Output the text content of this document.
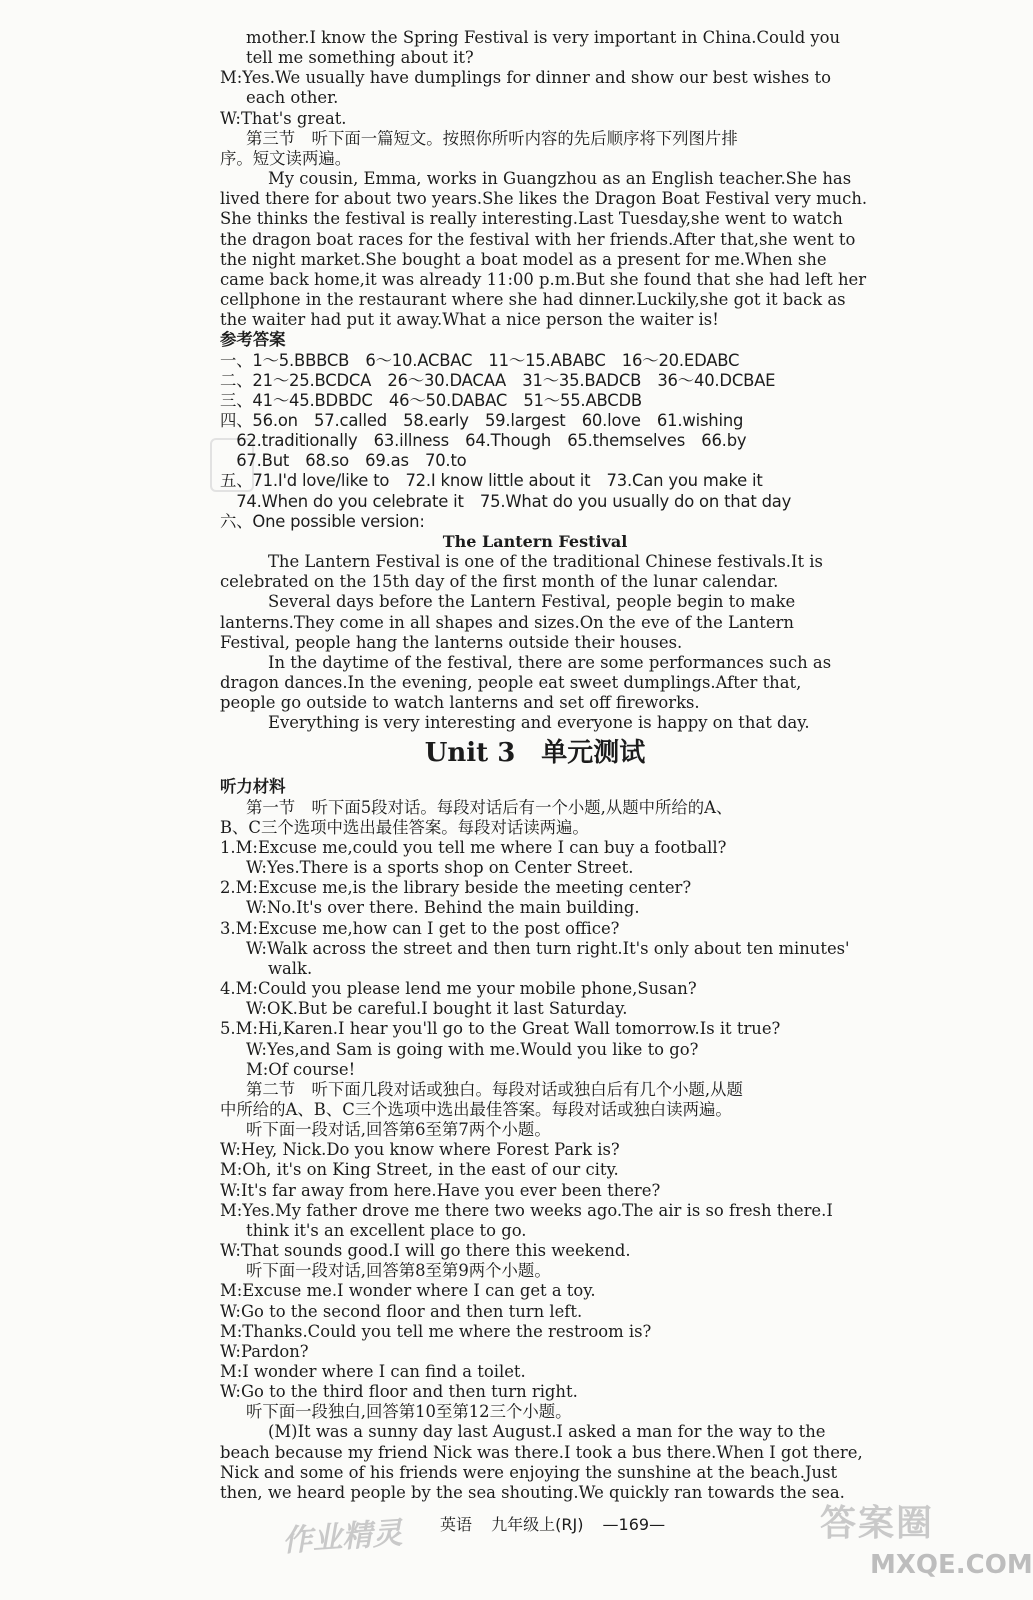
mother.I know the Spring Festival is very important in China.Could you
tell me something about it?
M:Yes.We usually have dumplings for dinner and show our best wishes to
each other.
W:That's great.
第三节　听下面一篇短文。按照你所听内容的先后顺序将下列图片排
序。短文读两遍。
My cousin, Emma, works in Guangzhou as an English teacher.She has
lived there for about two years.She likes the Dragon Boat Festival very much.
She thinks the festival is really interesting.Last Tuesday,she went to watch
the dragon boat races for the festival with her friends.After that,she went to
the night market.She bought a boat model as a present for me.When she
came back home,it was already 11:00 p.m.But she found that she had left her
cellphone in the restaurant where she had dinner.Luckily,she got it back as
the waiter had put it away.What a nice person the waiter is!
参考答案
一、1～5.BBBCB　6～10.ACBAC　11～15.ABABC　16～20.EDABC
二、21～25.BCDCA　26～30.DACAA　31～35.BADCB　36～40.DCBAE
三、41～45.BDBDC　46～50.DABAC　51～55.ABCDB
四、56.on　57.called　58.early　59.largest　60.love　61.wishing
　62.traditionally　63.illness　64.Though　65.themselves　66.by
　67.But　68.so　69.as　70.to
五、71.I'd love/like to　72.I know little about it　73.Can you make it
　74.When do you celebrate it　75.What do you usually do on that day
六、One possible version:
The Lantern Festival
The Lantern Festival is one of the traditional Chinese festivals.It is
celebrated on the 15th day of the first month of the lunar calendar.
Several days before the Lantern Festival, people begin to make
lanterns.They come in all shapes and sizes.On the eve of the Lantern
Festival, people hang the lanterns outside their houses.
In the daytime of the festival, there are some performances such as
dragon dances.In the evening, people eat sweet dumplings.After that,
people go outside to watch lanterns and set off fireworks.
Everything is very interesting and everyone is happy on that day.
Unit 3　单元测试
听力材料
第一节　听下面5段对话。每段对话后有一个小题,从题中所给的A、
B、C三个选项中选出最佳答案。每段对话读两遍。
1.M:Excuse me,could you tell me where I can buy a football?
W:Yes.There is a sports shop on Center Street.
2.M:Excuse me,is the library beside the meeting center?
W:No.It's over there. Behind the main building.
3.M:Excuse me,how can I get to the post office?
W:Walk across the street and then turn right.It's only about ten minutes'
walk.
4.M:Could you please lend me your mobile phone,Susan?
W:OK.But be careful.I bought it last Saturday.
5.M:Hi,Karen.I hear you'll go to the Great Wall tomorrow.Is it true?
W:Yes,and Sam is going with me.Would you like to go?
M:Of course!
第二节　听下面几段对话或独白。每段对话或独白后有几个小题,从题
中所给的A、B、C三个选项中选出最佳答案。每段对话或独白读两遍。
听下面一段对话,回答第6至第7两个小题。
W:Hey, Nick.Do you know where Forest Park is?
M:Oh, it's on King Street, in the east of our city.
W:It's far away from here.Have you ever been there?
M:Yes.My father drove me there two weeks ago.The air is so fresh there.I
think it's an excellent place to go.
W:That sounds good.I will go there this weekend.
听下面一段对话,回答第8至第9两个小题。
M:Excuse me.I wonder where I can get a toy.
W:Go to the second floor and then turn left.
M:Thanks.Could you tell me where the restroom is?
W:Pardon?
M:I wonder where I can find a toilet.
W:Go to the third floor and then turn right.
听下面一段独白,回答第10至第12三个小题。
(M)It was a sunny day last August.I asked a man for the way to the
beach because my friend Nick was there.I took a bus there.When I got there,
Nick and some of his friends were enjoying the sunshine at the beach.Just
then, we heard people by the sea shouting.We quickly ran towards the sea.
英语 九年级上(RJ) —169—
作业精灵	答案圈
MXQE.COM
